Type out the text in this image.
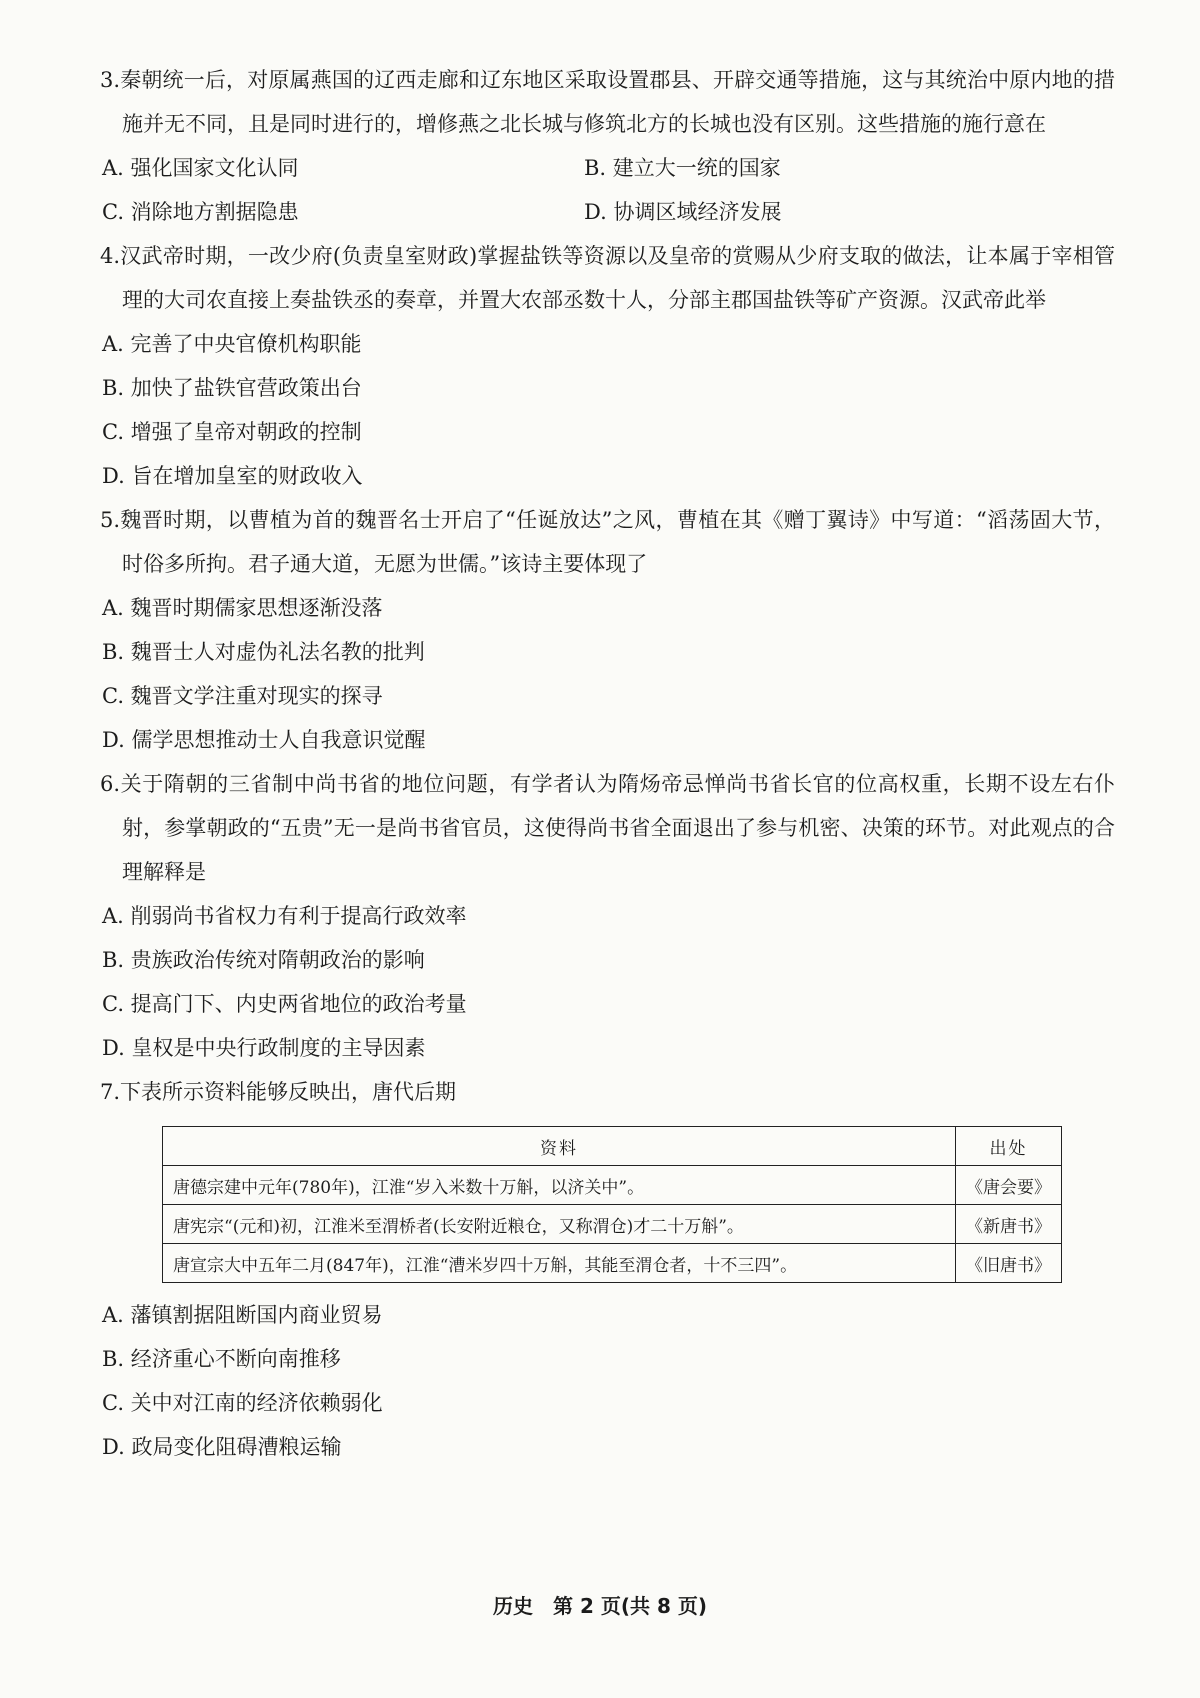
3.秦朝统一后，对原属燕国的辽西走廊和辽东地区采取设置郡县、开辟交通等措施，这与其统治中原内地的措施并无不同，且是同时进行的，增修燕之北长城与修筑北方的长城也没有区别。这些措施的施行意在

A. 强化国家文化认同	B. 建立大一统的国家

C. 消除地方割据隐患	D. 协调区域经济发展

4.汉武帝时期，一改少府(负责皇室财政)掌握盐铁等资源以及皇帝的赏赐从少府支取的做法，让本属于宰相管理的大司农直接上奏盐铁丞的奏章，并置大农部丞数十人，分部主郡国盐铁等矿产资源。汉武帝此举

A. 完善了中央官僚机构职能

B. 加快了盐铁官营政策出台

C. 增强了皇帝对朝政的控制

D. 旨在增加皇室的财政收入

5.魏晋时期，以曹植为首的魏晋名士开启了“任诞放达”之风，曹植在其《赠丁翼诗》中写道：“滔荡固大节，时俗多所拘。君子通大道，无愿为世儒。”该诗主要体现了

A. 魏晋时期儒家思想逐渐没落

B. 魏晋士人对虚伪礼法名教的批判

C. 魏晋文学注重对现实的探寻

D. 儒学思想推动士人自我意识觉醒

6.关于隋朝的三省制中尚书省的地位问题，有学者认为隋炀帝忌惮尚书省长官的位高权重，长期不设左右仆射，参掌朝政的“五贵”无一是尚书省官员，这使得尚书省全面退出了参与机密、决策的环节。对此观点的合理解释是

A. 削弱尚书省权力有利于提高行政效率

B. 贵族政治传统对隋朝政治的影响

C. 提高门下、内史两省地位的政治考量

D. 皇权是中央行政制度的主导因素

7.下表所示资料能够反映出，唐代后期

资料	出处
唐德宗建中元年(780年)，江淮“岁入米数十万斛，以济关中”。	《唐会要》
唐宪宗“(元和)初，江淮米至渭桥者(长安附近粮仓，又称渭仓)才二十万斛”。	《新唐书》
唐宣宗大中五年二月(847年)，江淮“漕米岁四十万斛，其能至渭仓者，十不三四”。	《旧唐书》

A. 藩镇割据阻断国内商业贸易

B. 经济重心不断向南推移

C. 关中对江南的经济依赖弱化

D. 政局变化阻碍漕粮运输

历史　第 2 页(共 8 页)
